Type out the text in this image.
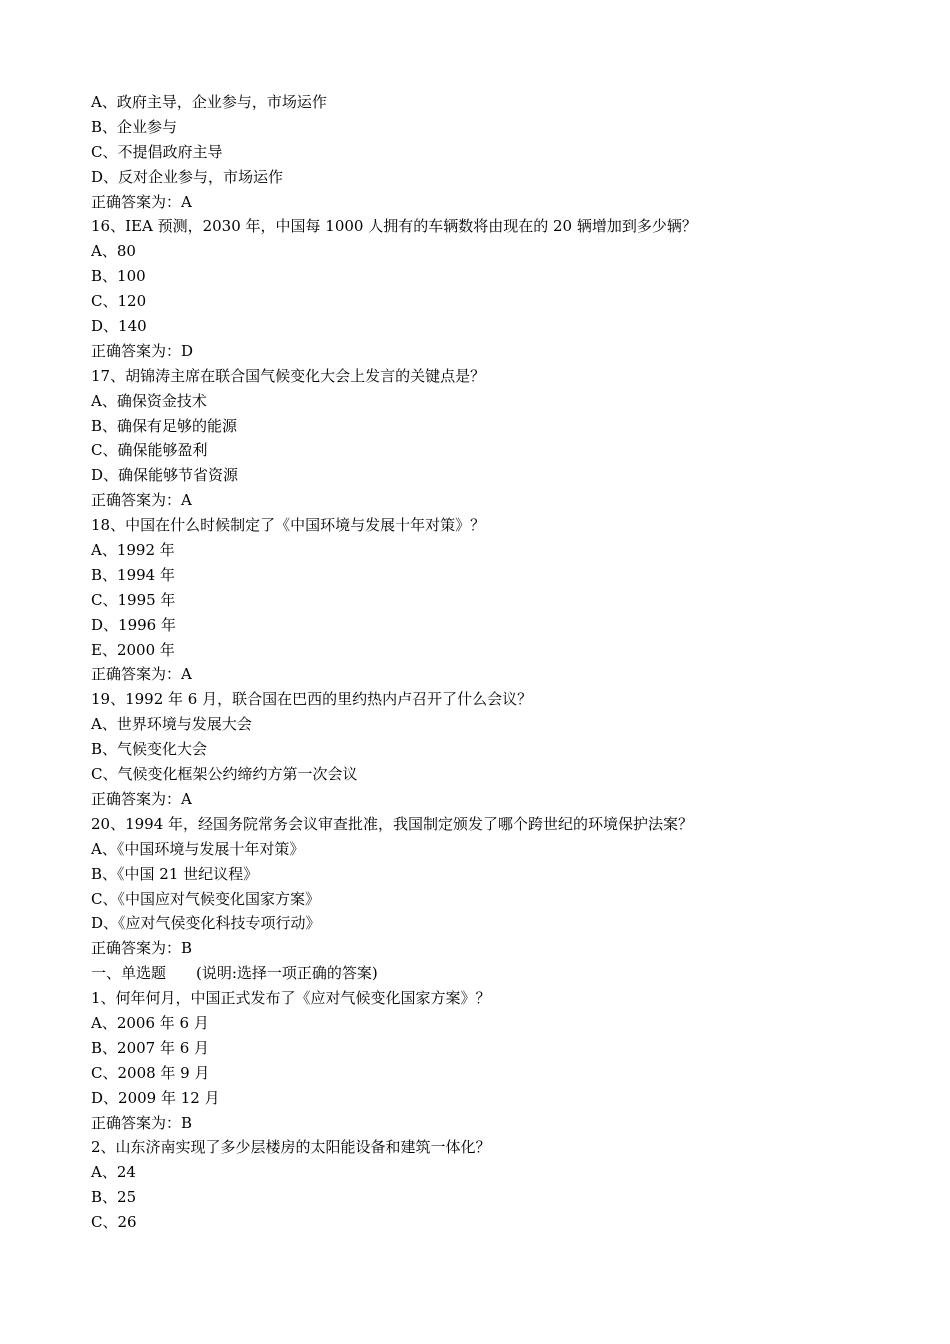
A、政府主导，企业参与，市场运作
B、企业参与
C、不提倡政府主导
D、反对企业参与，市场运作
正确答案为：A
16、IEA 预测，2030 年，中国每 1000 人拥有的车辆数将由现在的 20 辆增加到多少辆？
A、80
B、100
C、120
D、140
正确答案为：D
17、胡锦涛主席在联合国气候变化大会上发言的关键点是？
A、确保资金技术
B、确保有足够的能源
C、确保能够盈利
D、确保能够节省资源
正确答案为：A
18、中国在什么时候制定了《中国环境与发展十年对策》？
A、1992 年
B、1994 年
C、1995 年
D、1996 年
E、2000 年
正确答案为：A
19、1992 年 6 月，联合国在巴西的里约热内卢召开了什么会议？
A、世界环境与发展大会
B、气候变化大会
C、气候变化框架公约缔约方第一次会议
正确答案为：A
20、1994 年，经国务院常务会议审查批准，我国制定颁发了哪个跨世纪的环境保护法案？
A、《中国环境与发展十年对策》
B、《中国 21 世纪议程》
C、《中国应对气候变化国家方案》
D、《应对气侯变化科技专项行动》
正确答案为：B
一、单选题　　(说明:选择一项正确的答案)
1、何年何月，中国正式发布了《应对气候变化国家方案》？
A、2006 年 6 月
B、2007 年 6 月
C、2008 年 9 月
D、2009 年 12 月
正确答案为：B
2、山东济南实现了多少层楼房的太阳能设备和建筑一体化？
A、24
B、25
C、26
